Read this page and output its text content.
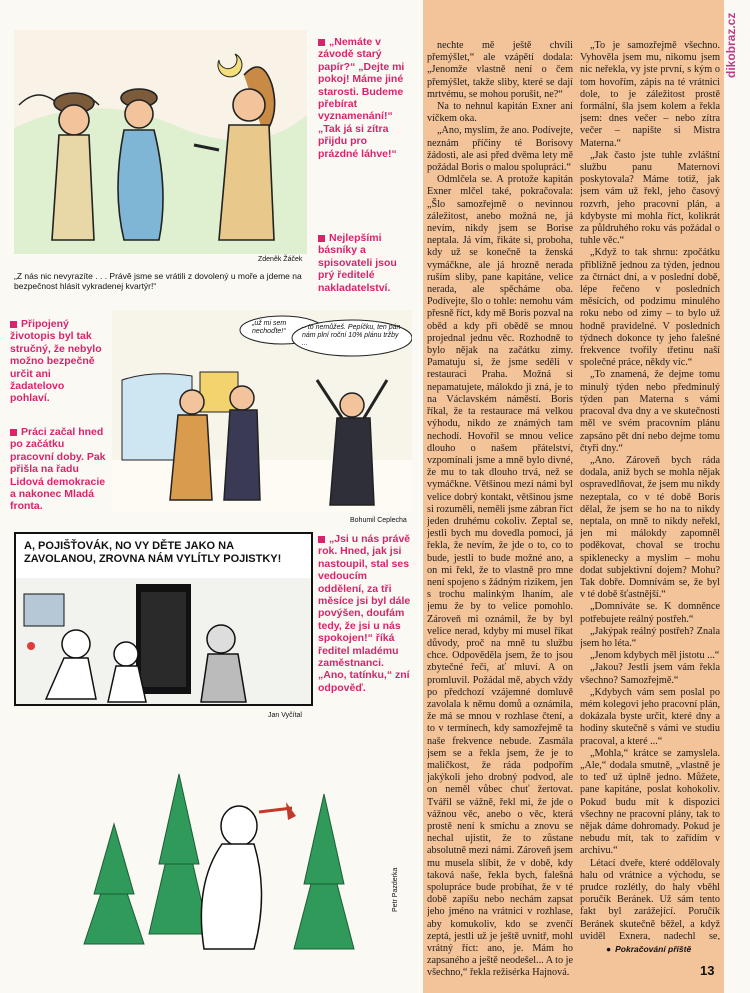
dikobraz.cz
Zdeněk Žáček
„Z nás nic nevyrazíte . . . Právě jsme se vrátili z dovolený u moře a jdeme na bezpečnost hlásit vykradenej kvartýr!“
„Nemáte v závodě starý papír?“ „Dejte mi pokoj! Máme jiné starosti. Budeme přebírat vyznamenání!“ „Tak já si zítra přijdu pro prázdné láhve!“
Nejlepšími básníky a spisovateli jsou prý ředitelé nakladatelství.
Připojený životopis byl tak stručný, že nebylo možno bezpečně určit ani žadatelovo pohlaví.
Práci začal hned po začátku pracovní doby. Pak přišla na řadu Lidová demokracie a nakonec Mladá fronta.
„už mi sem nechoďte!“
– to nemůžeš. Pepíčku, ten pán nám plní roční 10% plánu tržby ...
Bohumil Ceplecha
A, POJIŠŤOVÁK, NO VY DĚTE JAKO NA ZAVOLANOU, ZROVNA NÁM VYLÍTLY POJISTKY!
Jan Vyčítal
„Jsi u nás právě rok. Hned, jak jsi nastoupil, stal ses vedoucím oddělení, za tři měsíce jsi byl dále povýšen, doufám tedy, že jsi u nás spokojen!“ říká ředitel mladému zaměstnanci. „Ano, tatínku,“ zní odpověď.
Petr Pazderka

nechte mě ještě chvíli přemýšlet,“ ale vzápětí dodala: „Jenomže vlastně není o čem přemýšlet, takže sliby, které se dají mrtvému, se mohou porušit, ne?“

Na to nehnul kapitán Exner ani víčkem oka.

„Ano, myslím, že ano. Podívejte, neznám příčiny té Borisovy žádosti, ale asi před dvěma lety mě požádal Boris o malou spolupráci.“

Odmlčela se. A protože kapitán Exner mlčel také, pokračovala: „Šlo samozřejmě o nevinnou záležitost, anebo možná ne, já nevím, nikdy jsem se Borise neptala. Já vím, řikáte si, proboha, kdy už se konečně ta ženská vymáčkne, ale já hrozně nerada ruším sliby, pane kapitáne, velice nerada, ale spěcháme oba. Podívejte, šlo o tohle: nemohu vám přesně říct, kdy mě Boris pozval na oběd a kdy při obědě se mnou projednal jednu věc. Rozhodně to bylo nějak na začátku zimy. Pamatuju si, že jsme seděli v restauraci Praha. Možná si nepamatujete, málokdo ji zná, je to na Václavském náměstí. Boris říkal, že ta restaurace má velkou výhodu, nikdo ze známých tam nechodí. Hovořil se mnou velice dlouho o našem přátelství, vzpomínali jsme a mně bylo divné, že mu to tak dlouho trvá, než se vymáčkne. Většinou mezi námi byl velice dobrý kontakt, většinou jsme si rozuměli, neměli jsme zábran říct jeden druhému cokoliv. Zeptal se, jestli bych mu dovedla pomoci, já řekla, že nevím, že jde o to, co to bude, jestli to bude možné ano, a on mi řekl, že to vlastně pro mne není spojeno s žádným rizikem, jen s trochu malinkým lhaním, ale jemu že by to velice pomohlo. Zároveň mi oznámil, že by byl velice nerad, kdyby mi musel říkat důvody, proč na mně tu službu chce. Odpověděla jsem, že to jsou zbytečné řeči, ať mluví. A on promluvil. Požádal mě, abych vždy po předchozí vzájemné domluvě zavolala k němu domů a oznámila, že má se mnou v rozhlase čtení, a to v termínech, kdy samozřejmě ta naše frekvence nebude. Zasmála jsem se a řekla jsem, že je to maličkost, že ráda podpořím jakýkoli jeho drobný podvod, ale on neměl vůbec chuť žertovat. Tvářil se vážně, řekl mi, že jde o vážnou věc, anebo o věc, která prostě není k smíchu a znovu se nechal ujistit, že to zůstane absolutně mezi námi. Zároveň jsem mu musela slíbit, že v době, kdy taková naše, řekla bych, falešná spolupráce bude probíhat, že v té době zapíšu nebo nechám zapsat jeho jméno na vrátnici v rozhlase, aby komukoliv, kdo se zvenčí zeptá, jestli už je ještě uvnitř, mohl vrátný říct: ano, je. Mám ho zapsaného a ještě neodešel... A to je všechno,“ řekla režisérka Hajnová.

„To je samozřejmě všechno. Vyhověla jsem mu, nikomu jsem nic neřekla, vy jste první, s kým o tom hovořím, zápis na té vrátnici dole, to je záležitost prostě formální, šla jsem kolem a řekla jsem: dnes večer – nebo zítra večer – napište si Mistra Materna.“

„Jak často jste tuhle zvláštní službu panu Maternovi poskytovala? Máme totiž, jak jsem vám už řekl, jeho časový rozvrh, jeho pracovní plán, a kdybyste mi mohla říct, kolikrát za půldruhého roku vás požádal o tuhle věc.“

„Když to tak shrnu: zpočátku přibližně jednou za týden, jednou za čtrnáct dní, a v poslední době, lépe řečeno v posledních měsících, od podzimu minulého roku nebo od zimy – to bylo už hodně pravidelné. V posledních týdnech dokonce ty jeho falešné frekvence tvořily třetinu naší společné práce, někdy víc.“

„To znamená, že dejme tomu minulý týden nebo předminulý týden pan Materna s vámi pracoval dva dny a ve skutečnosti měl ve svém pracovním plánu zapsáno pět dní nebo dejme tomu čtyři dny.“

„Ano. Zároveň bych ráda dodala, aniž bych se mohla nějak ospravedlňovat, že jsem mu nikdy nezeptala, co v té době Boris dělal, že jsem se ho na to nikdy neptala, on mně to nikdy neřekl, jen mi málokdy zapomněl poděkovat, choval se trochu spiklenecky a myslím – mohu dodat subjektivní dojem? Mohu? Tak dobře. Domnívám se, že byl v té době šťastnější.“

„Domníváte se. K domněnce potřebujete reálný postřeh.“

„Jakýpak reálný postřeh? Znala jsem ho léta.“

„Jenom kdybych měl jistotu ...“

„Jakou? Jestli jsem vám řekla všechno? Samozřejmě.“

„Kdybych vám sem poslal po mém kolegovi jeho pracovní plán, dokázala byste určit, které dny a hodiny skutečně s vámi ve studiu pracoval, a které ...“

„Mohla,“ krátce se zamyslela. „Ale,“ dodala smutně, „vlastně je to teď už úplně jedno. Můžete, pane kapitáne, poslat kohokoliv. Pokud budu mít k dispozici všechny ne pracovní plány, tak to nějak dáme dohromady. Pokud je nebudu mít, tak to zařídím v archivu.“

Létací dveře, které oddělovaly halu od vrátnice a východu, se prudce rozlétly, do haly vběhl poručík Beránek. Už sám tento fakt byl zarážející. Poručík Beránek skutečně běžel, a když uviděl Exnera, nadechl se,

● Pokračování příště
13
